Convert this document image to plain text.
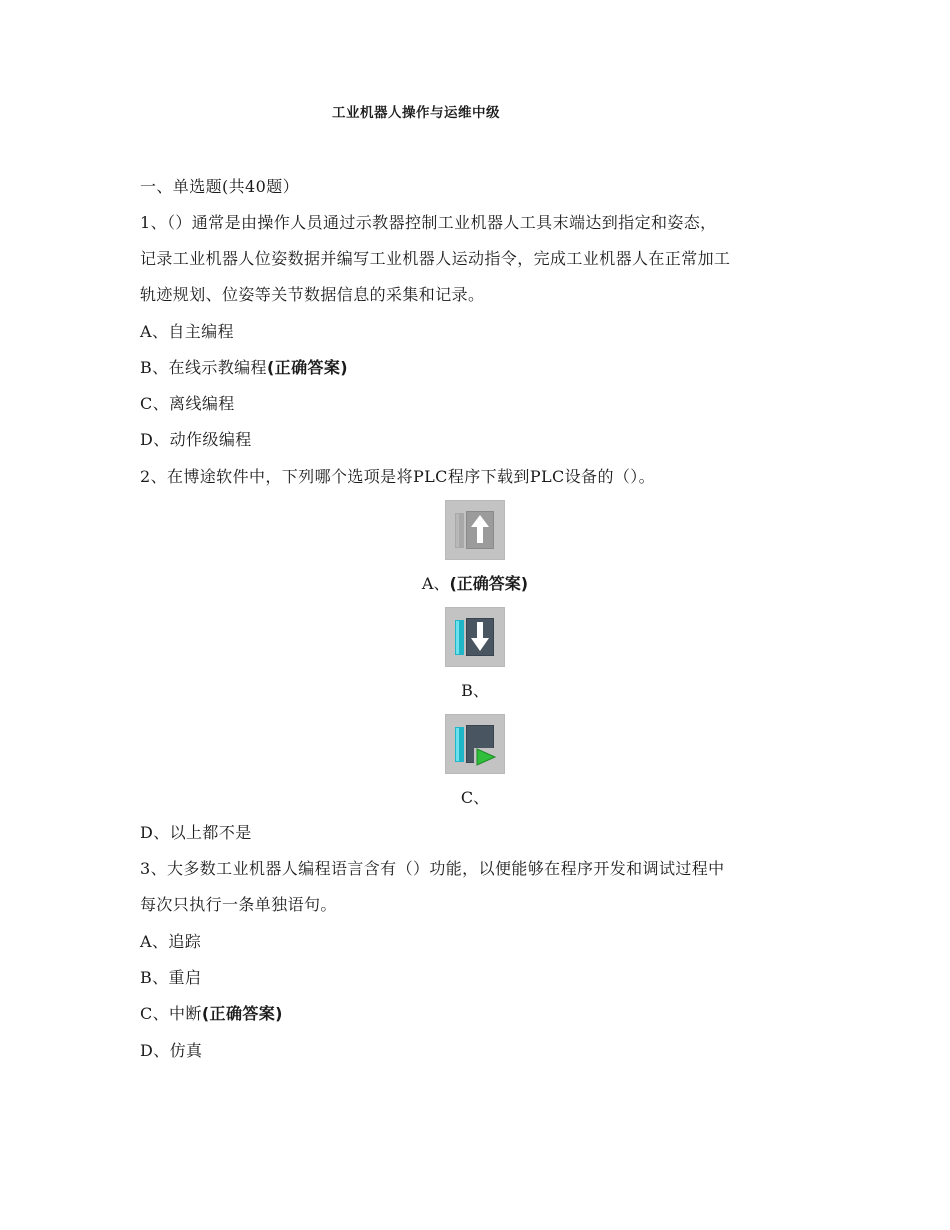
工业机器人操作与运维中级
一、单选题(共40题）
1、（）通常是由操作人员通过示教器控制工业机器人工具末端达到指定和姿态，
记录工业机器人位姿数据并编写工业机器人运动指令，完成工业机器人在正常加工
轨迹规划、位姿等关节数据信息的采集和记录。
A、自主编程
B、在线示教编程(正确答案)
C、离线编程
D、动作级编程
2、在博途软件中，下列哪个选项是将PLC程序下载到PLC设备的（）。
A、(正确答案)
B、
C、
D、以上都不是
3、大多数工业机器人编程语言含有（）功能，以便能够在程序开发和调试过程中
每次只执行一条单独语句。
A、追踪
B、重启
C、中断(正确答案)
D、仿真
